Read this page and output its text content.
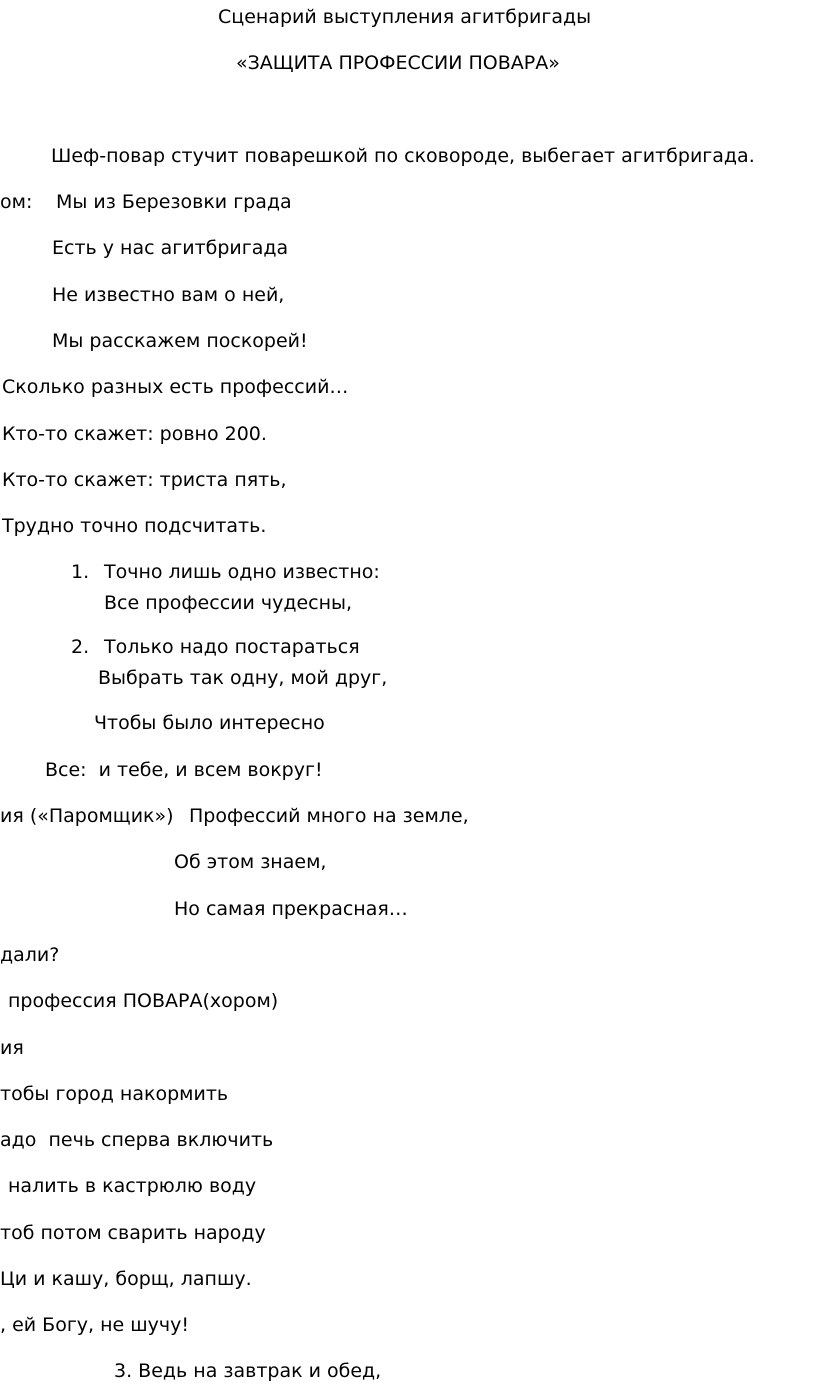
Сценарий выступления агитбригады

«ЗАЩИТА ПРОФЕССИИ ПОВАРА»

Шеф-повар стучит поварешкой по сковороде, выбегает агитбригада.

ом: Мы из Березовки града

Есть у нас агитбригада

Не известно вам о ней,

Мы расскажем поскорей!

Сколько разных есть профессий…

Кто-то скажет: ровно 200.

Кто-то скажет: триста пять,

Трудно точно подсчитать.

1. Точно лишь одно известно:

Все профессии чудесны,

2. Только надо постараться

Выбрать так одну, мой друг,

Чтобы было интересно

Все:  и тебе, и всем вокруг!

ия («Паромщик») Профессий много на земле,

Об этом знаем,

Но самая прекрасная…

дали?

профессия ПОВАРА(хором)

ия

тобы город накормить

адо  печь сперва включить

налить в кастрюлю воду

тоб потом сварить народу

Ци и кашу, борщ, лапшу.

, ей Богу, не шучу!

3. Ведь на завтрак и обед,
